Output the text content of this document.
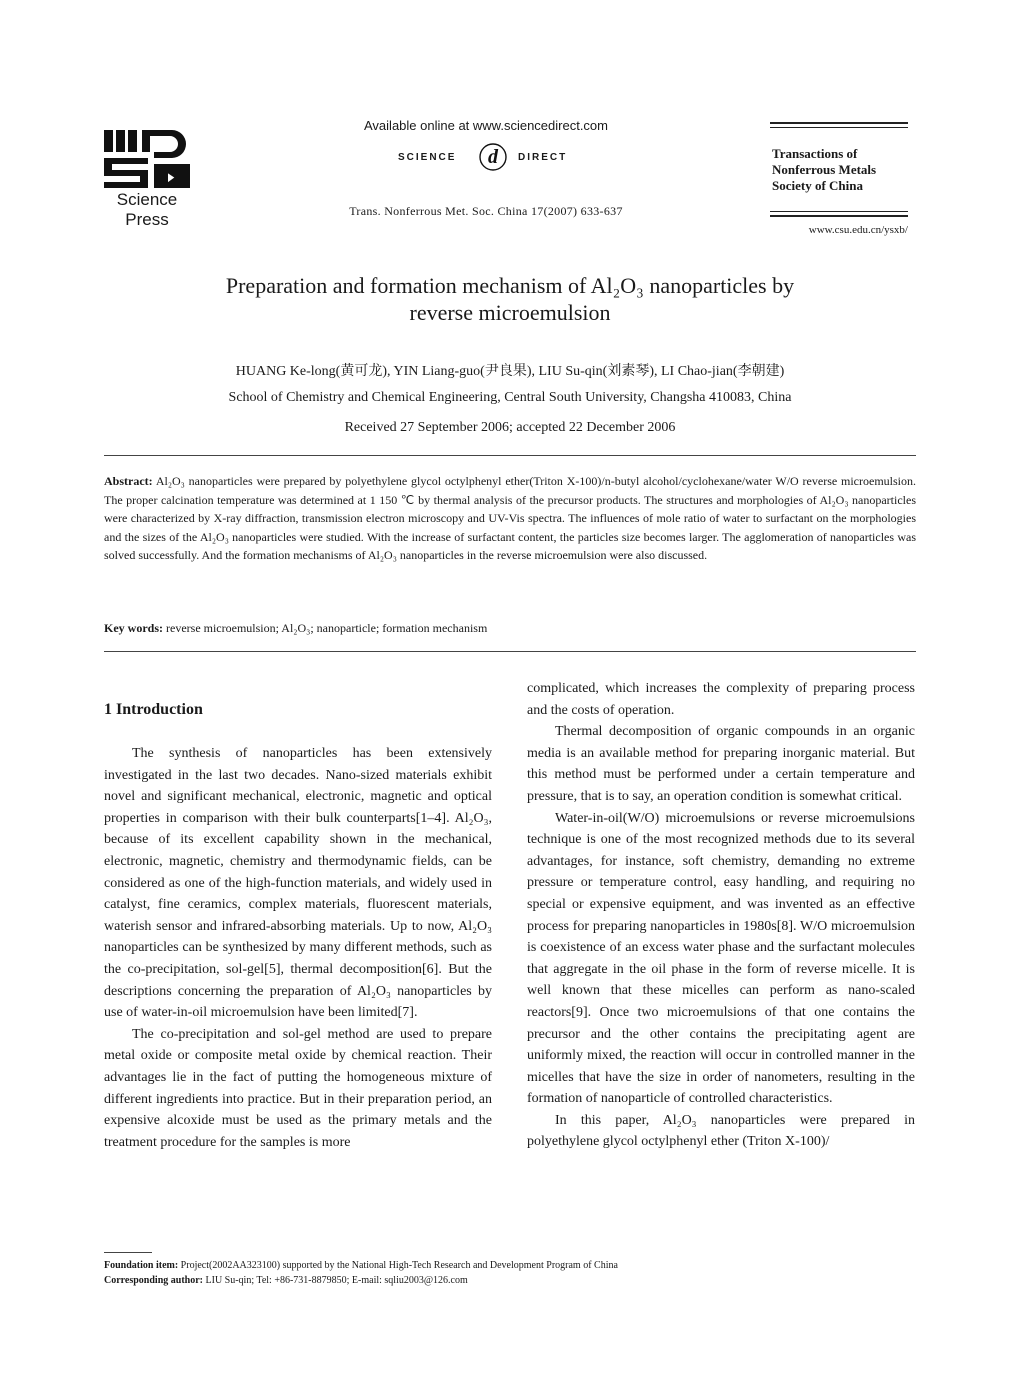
Science Press
Available online at www.sciencedirect.com
SCIENCE d DIRECT
Trans. Nonferrous Met. Soc. China 17(2007) 633-637
Transactions of
Nonferrous Metals
Society of China
www.csu.edu.cn/ysxb/
Preparation and formation mechanism of Al₂O₃ nanoparticles by
reverse microemulsion
HUANG Ke-long(黄可龙), YIN Liang-guo(尹良果), LIU Su-qin(刘素琴), LI Chao-jian(李朝建)
School of Chemistry and Chemical Engineering, Central South University, Changsha 410083, China
Received 27 September 2006; accepted 22 December 2006
Abstract: Al₂O₃ nanoparticles were prepared by polyethylene glycol octylphenyl ether(Triton X-100)/n-butyl alcohol/cyclohexane/water W/O reverse microemulsion. The proper calcination temperature was determined at 1 150 ℃ by thermal analysis of the precursor products. The structures and morphologies of Al₂O₃ nanoparticles were characterized by X-ray diffraction, transmission electron microscopy and UV-Vis spectra. The influences of mole ratio of water to surfactant on the morphologies and the sizes of the Al₂O₃ nanoparticles were studied. With the increase of surfactant content, the particles size becomes larger. The agglomeration of nanoparticles was solved successfully. And the formation mechanisms of Al₂O₃ nanoparticles in the reverse microemulsion were also discussed.
Key words: reverse microemulsion; Al₂O₃; nanoparticle; formation mechanism
1 Introduction

The synthesis of nanoparticles has been extensively investigated in the last two decades. Nano-sized materials exhibit novel and significant mechanical, electronic, magnetic and optical properties in comparison with their bulk counterparts[1–4]. Al₂O₃, because of its excellent capability shown in the mechanical, electronic, magnetic, chemistry and thermodynamic fields, can be considered as one of the high-function materials, and widely used in catalyst, fine ceramics, complex materials, fluorescent materials, waterish sensor and infrared-absorbing materials. Up to now, Al₂O₃ nanoparticles can be synthesized by many different methods, such as the co-precipitation, sol-gel[5], thermal decomposition[6]. But the descriptions concerning the preparation of Al₂O₃ nanoparticles by use of water-in-oil microemulsion have been limited[7].

The co-precipitation and sol-gel method are used to prepare metal oxide or composite metal oxide by chemical reaction. Their advantages lie in the fact of putting the homogeneous mixture of different ingredients into practice. But in their preparation period, an expensive alcoxide must be used as the primary metals and the treatment procedure for the samples is more

complicated, which increases the complexity of preparing process and the costs of operation.

Thermal decomposition of organic compounds in an organic media is an available method for preparing inorganic material. But this method must be performed under a certain temperature and pressure, that is to say, an operation condition is somewhat critical.

Water-in-oil(W/O) microemulsions or reverse microemulsions technique is one of the most recognized methods due to its several advantages, for instance, soft chemistry, demanding no extreme pressure or temperature control, easy handling, and requiring no special or expensive equipment, and was invented as an effective process for preparing nanoparticles in 1980s[8]. W/O microemulsion is coexistence of an excess water phase and the surfactant molecules that aggregate in the oil phase in the form of reverse micelle. It is well known that these micelles can perform as nano-scaled reactors[9]. Once two microemulsions of that one contains the precursor and the other contains the precipitating agent are uniformly mixed, the reaction will occur in controlled manner in the micelles that have the size in order of nanometers, resulting in the formation of nanoparticle of controlled characteristics.

In this paper, Al₂O₃ nanoparticles were prepared in polyethylene glycol octylphenyl ether (Triton X-100)/

Foundation item: Project(2002AA323100) supported by the National High-Tech Research and Development Program of China
Corresponding author: LIU Su-qin; Tel: +86-731-8879850; E-mail: sqliu2003@126.com
